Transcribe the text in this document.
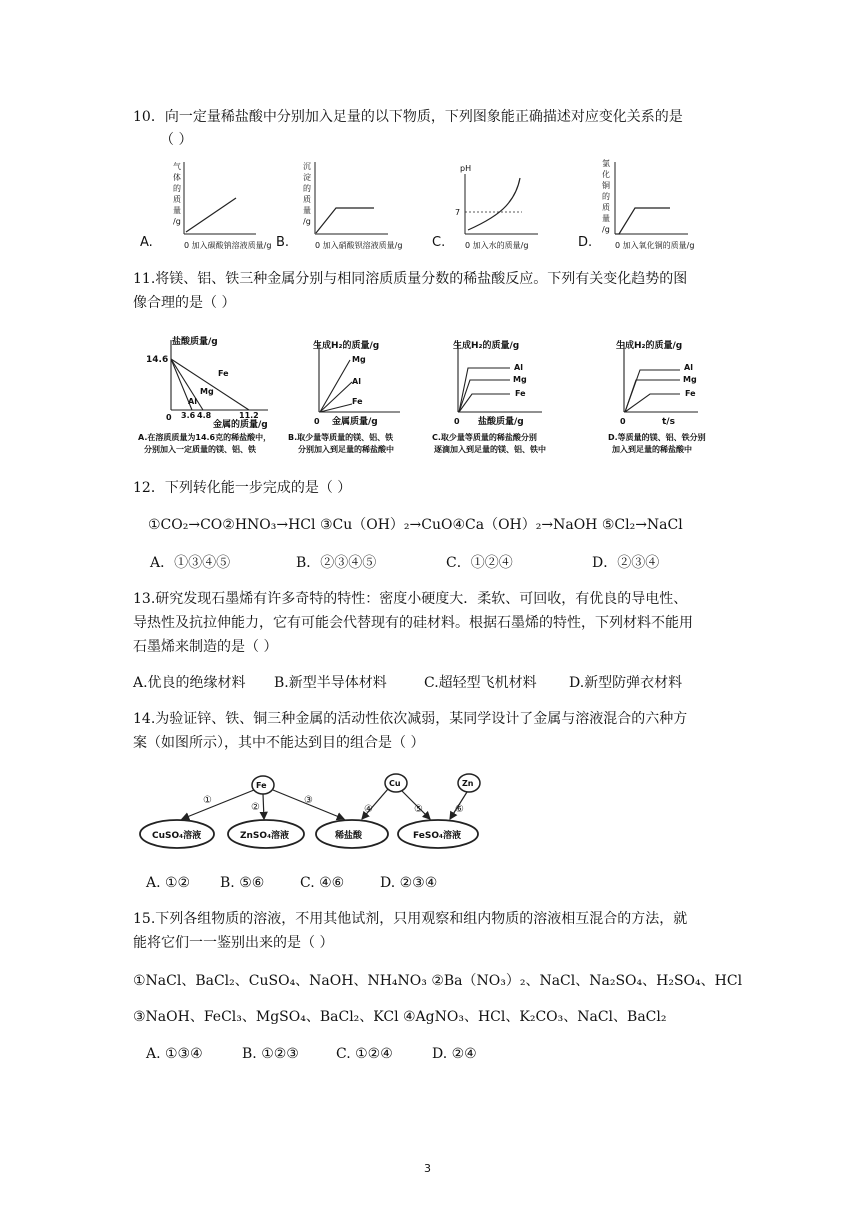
10．向一定量稀盐酸中分别加入足量的以下物质，下列图象能正确描述对应变化关系的是
（ ）
A.
气
体
的
质
量
/g
0 加入碳酸钠溶液质量/g B.
沉
淀
的
质
量
/g
0 加入硝酸钡溶液质量/g C.
pH
7
0 加入水的质量/g	D.
氯
化
铜
的
质
量
/g
0 加入氧化铜的质量/g
11.将镁、铝、铁三种金属分别与相同溶质质量分数的稀盐酸反应。下列有关变化趋势的图
像合理的是（ ）
盐酸质量/g
14.6
Fe
Mg
Al
0 3.6 4.8	11.2
金属的质量/g
A.在溶质质量为14.6克的稀盐酸中，
分别加入一定质量的镁、铝、铁
生成H₂的质量/g
Mg
Al
Fe
0 金属质量/g
B.取少量等质量的镁、铝、铁
分别加入到足量的稀盐酸中
生成H₂的质量/g
Al
Mg
Fe
0 盐酸质量/g
C.取少量等质量的稀盐酸分别
逐滴加入到足量的镁、铝、铁中
生成H₂的质量/g
Al
Mg
Fe
0	t/s
D.等质量的镁、铝、铁分别
加入到足量的稀盐酸中
12．下列转化能一步完成的是（ ）
①CO₂→CO②HNO₃→HCl ③Cu（OH）₂→CuO④Ca（OH）₂→NaOH ⑤Cl₂→NaCl
A．①③④⑤	B．②③④⑤	C．①②④	D．②③④
13.研究发现石墨烯有许多奇特的特性：密度小硬度大．柔软、可回收，有优良的导电性、
导热性及抗拉伸能力，它有可能会代替现有的硅材料。根据石墨烯的特性，下列材料不能用
石墨烯来制造的是（ ）
A.优良的绝缘材料 B.新型半导体材料	C.超轻型飞机材料 D.新型防弹衣材料
14.为验证锌、铁、铜三种金属的活动性依次减弱，某同学设计了金属与溶液混合的六种方
案（如图所示），其中不能达到目的组合是（ ）
Fe	Cu	Zn
CuSO₄溶液	ZnSO₄溶液	稀盐酸	FeSO₄溶液
①
②
③
④	⑤	⑥
A. ①② B. ⑤⑥	C. ④⑥	D. ②③④
15.下列各组物质的溶液，不用其他试剂，只用观察和组内物质的溶液相互混合的方法，就
能将它们一一鉴别出来的是（ ）
①NaCl、BaCl₂、CuSO₄、NaOH、NH₄NO₃ ②Ba（NO₃）₂、NaCl、Na₂SO₄、H₂SO₄、HCl
③NaOH、FeCl₃、MgSO₄、BaCl₂、KCl ④AgNO₃、HCl、K₂CO₃、NaCl、BaCl₂
A. ①③④	B. ①②③	C. ①②④	D. ②④
3
